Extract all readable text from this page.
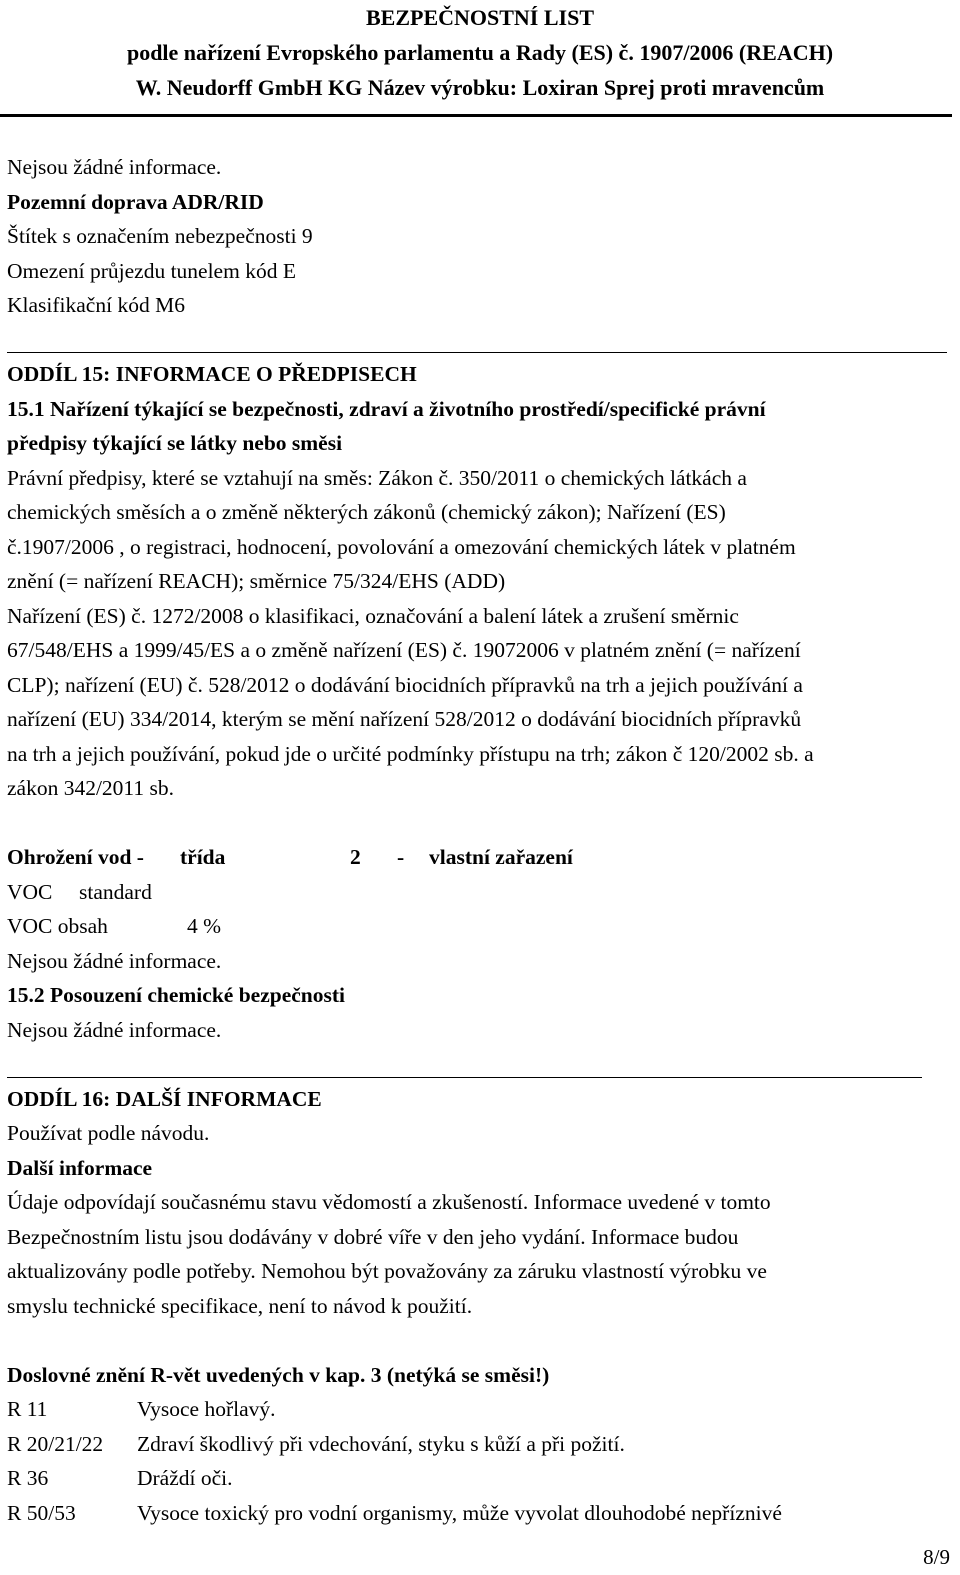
BEZPEČNOSTNÍ LIST
podle nařízení Evropského parlamentu a Rady (ES) č. 1907/2006 (REACH)
W. Neudorff GmbH KG Název výrobku: Loxiran Sprej proti mravencům
Nejsou žádné informace.
Pozemní doprava ADR/RID
Štítek s označením nebezpečnosti 9
Omezení průjezdu tunelem kód E
Klasifikační kód M6
ODDÍL 15: INFORMACE O PŘEDPISECH
15.1 Nařízení týkající se bezpečnosti, zdraví a životního prostředí/specifické právní
předpisy týkající se látky nebo směsi
Právní předpisy, které se vztahují na směs: Zákon č. 350/2011 o chemických látkách a
chemických směsích a o změně některých zákonů (chemický zákon); Nařízení (ES)
č.1907/2006 , o registraci, hodnocení, povolování a omezování chemických látek v platném
znění (= nařízení REACH); směrnice 75/324/EHS (ADD)
Nařízení (ES) č. 1272/2008 o klasifikaci, označování a balení látek a zrušení směrnic
67/548/EHS a 1999/45/ES a o změně nařízení (ES) č. 19072006 v platném znění (= nařízení
CLP); nařízení (EU) č. 528/2012 o dodávání biocidních přípravků na trh a jejich používání a
nařízení (EU) 334/2014, kterým se mění nařízení 528/2012 o dodávání biocidních přípravků
na trh a jejich používání, pokud jde o určité podmínky přístupu na trh; zákon č 120/2002 sb. a
zákon 342/2011 sb.
Ohrožení vod - třída	2 - vlastní zařazení
VOC standard
VOC obsah	4 %
Nejsou žádné informace.
15.2 Posouzení chemické bezpečnosti
Nejsou žádné informace.
ODDÍL 16: DALŠÍ INFORMACE
Používat podle návodu.
Další informace
Údaje odpovídají současnému stavu vědomostí a zkušeností. Informace uvedené v tomto
Bezpečnostním listu jsou dodávány v dobré víře v den jeho vydání. Informace budou
aktualizovány podle potřeby. Nemohou být považovány za záruku vlastností výrobku ve
smyslu technické specifikace, není to návod k použití.
Doslovné znění R-vět uvedených v kap. 3 (netýká se směsi!)
R 11	Vysoce hořlavý.
R 20/21/22 Zdraví škodlivý při vdechování, styku s kůží a při požití.
R 36	Dráždí oči.
R 50/53	Vysoce toxický pro vodní organismy, může vyvolat dlouhodobé nepříznivé
8/9
